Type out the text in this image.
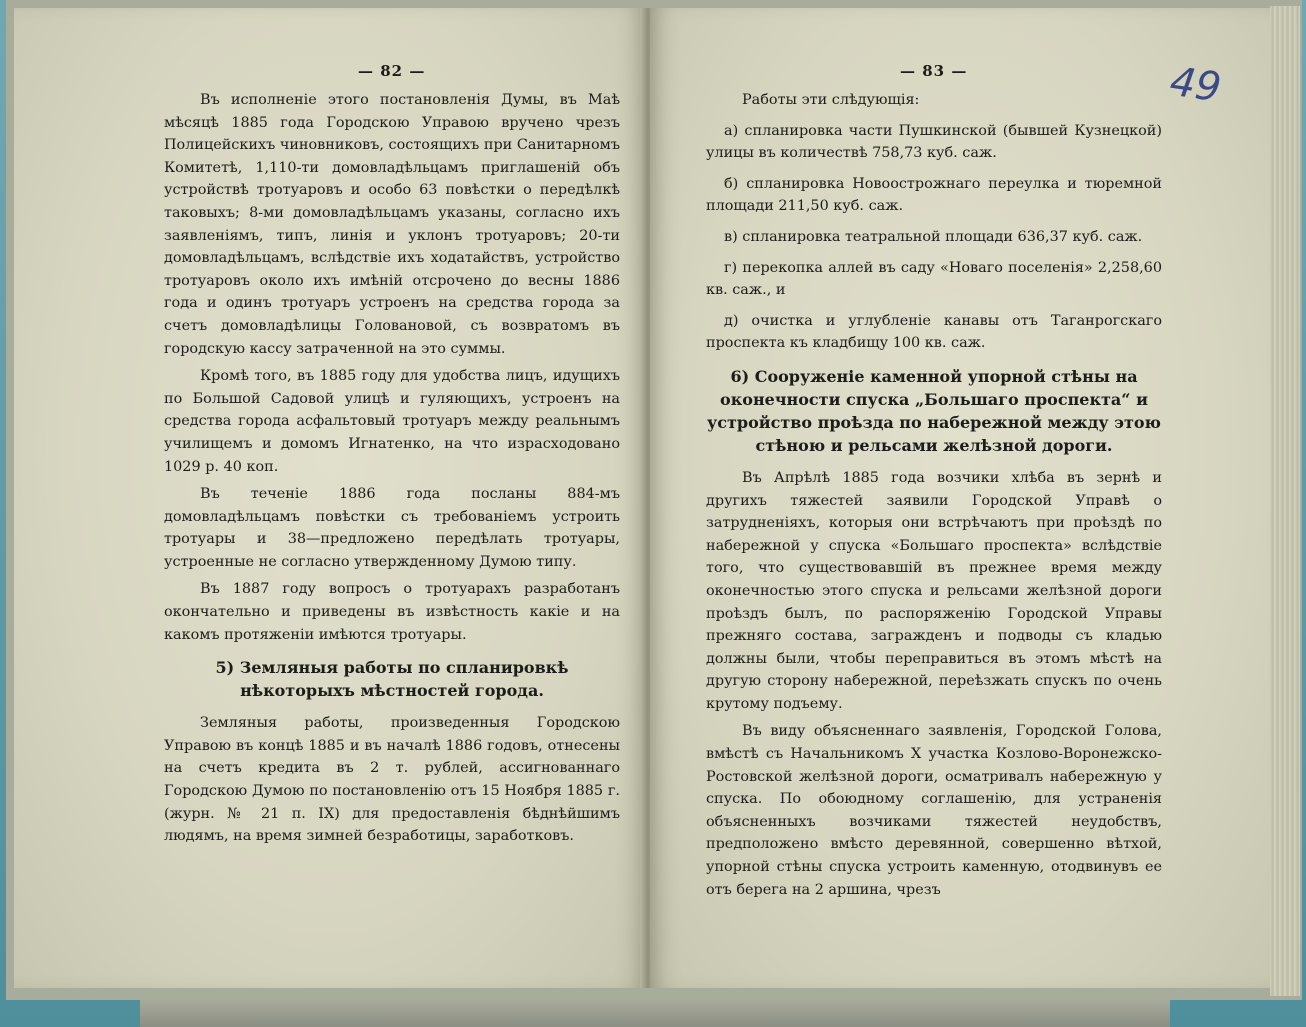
— 82 —

Въ исполненіе этого постановленія Думы, въ Маѣ мѣсяцѣ 1885 года Городскою Управою вручено чрезъ Полицейскихъ чиновниковъ, состоящихъ при Санитарномъ Комитетѣ, 1,110-ти домовладѣльцамъ приглашеній объ устройствѣ тротуаровъ и особо 63 повѣстки о передѣлкѣ таковыхъ; 8-ми домовладѣльцамъ указаны, согласно ихъ заявленіямъ, типъ, линія и уклонъ тротуаровъ; 20-ти домовладѣльцамъ, вслѣдствіе ихъ ходатайствъ, устройство тротуаровъ около ихъ имѣній отсрочено до весны 1886 года и одинъ тротуаръ устроенъ на средства города за счетъ домовладѣлицы Головановой, съ возвратомъ въ городскую кассу затраченной на это суммы.

Кромѣ того, въ 1885 году для удобства лицъ, идущихъ по Большой Садовой улицѣ и гуляющихъ, устроенъ на средства города асфальтовый тротуаръ между реальнымъ училищемъ и домомъ Игнатенко, на что израсходовано 1029 р. 40 коп.

Въ теченіе 1886 года посланы 884-мъ домовладѣльцамъ повѣстки съ требованіемъ устроить тротуары и 38—предложено передѣлать тротуары, устроенные не согласно утвержденному Думою типу.

Въ 1887 году вопросъ о тротуарахъ разработанъ окончательно и приведены въ извѣстность какіе и на какомъ протяженіи имѣются тротуары.

5) Земляныя работы по спланировкѣ нѣкоторыхъ мѣстностей города.

Земляныя работы, произведенныя Городскою Управою въ концѣ 1885 и въ началѣ 1886 годовъ, отнесены на счетъ кредита въ 2 т. рублей, ассигнованнаго Городскою Думою по постановленію отъ 15 Ноября 1885 г. (журн. № 21 п. IX) для предоставленія бѣднѣйшимъ людямъ, на время зимней безработицы, заработковъ.

— 83 —

Работы эти слѣдующія:

а) спланировка части Пушкинской (бывшей Кузнецкой) улицы въ количествѣ 758,73 куб. саж.

б) спланировка Новоострожнаго переулка и тюремной площади 211,50 куб. саж.

в) спланировка театральной площади 636,37 куб. саж.

г) перекопка аллей въ саду «Новаго поселенія» 2,258,60 кв. саж., и

д) очистка и углубленіе канавы отъ Таганрогскаго проспекта къ кладбищу 100 кв. саж.

6) Сооруженіе каменной упорной стѣны на оконечности спуска „Большаго проспекта“ и устройство проѣзда по набережной между этою стѣною и рельсами желѣзной дороги.

Въ Апрѣлѣ 1885 года возчики хлѣба въ зернѣ и другихъ тяжестей заявили Городской Управѣ о затрудненіяхъ, которыя они встрѣчаютъ при проѣздѣ по набережной у спуска «Большаго проспекта» вслѣдствіе того, что существовавшій въ прежнее время между оконечностью этого спуска и рельсами желѣзной дороги проѣздъ былъ, по распоряженію Городской Управы прежняго состава, загражденъ и подводы съ кладью должны были, чтобы переправиться въ этомъ мѣстѣ на другую сторону набережной, переѣзжать спускъ по очень крутому подъему.

Въ виду объясненнаго заявленія, Городской Голова, вмѣстѣ съ Начальникомъ X участка Козлово-Воронежско-Ростовской желѣзной дороги, осматривалъ набережную у спуска. По обоюдному соглашенію, для устраненія объясненныхъ возчиками тяжестей неудобствъ, предположено вмѣсто деревянной, совершенно вѣтхой, упорной стѣны спуска устроить каменную, отодвинувъ ее отъ берега на 2 аршина, чрезъ

49
